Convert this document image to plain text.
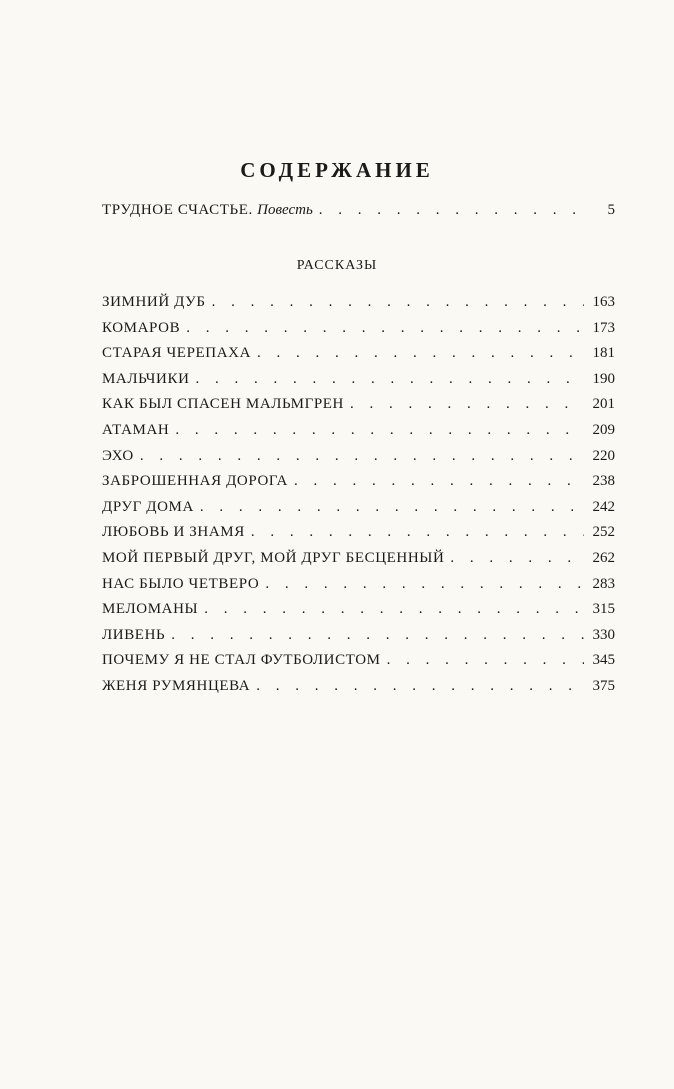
СОДЕРЖАНИЕ
ТРУДНОЕ СЧАСТЬЕ. Повесть . . .	5
РАССКАЗЫ
ЗИМНИЙ ДУБ . . .	163
КОМАРОВ . . .	173
СТАРАЯ ЧЕРЕПАХА . . .	181
МАЛЬЧИКИ . . .	190
КАК БЫЛ СПАСЕН МАЛЬМГРЕН . . .	201
АТАМАН . . .	209
ЭХО . . .	220
ЗАБРОШЕННАЯ ДОРОГА . . .	238
ДРУГ ДОМА . . .	242
ЛЮБОВЬ И ЗНАМЯ . . .	252
МОЙ ПЕРВЫЙ ДРУГ, МОЙ ДРУГ БЕСЦЕННЫЙ . . .	262
НАС БЫЛО ЧЕТВЕРО . . .	283
МЕЛОМАНЫ . . .	315
ЛИВЕНЬ . . .	330
ПОЧЕМУ Я НЕ СТАЛ ФУТБОЛИСТОМ . . .	345
ЖЕНЯ РУМЯНЦЕВА . . .	375
